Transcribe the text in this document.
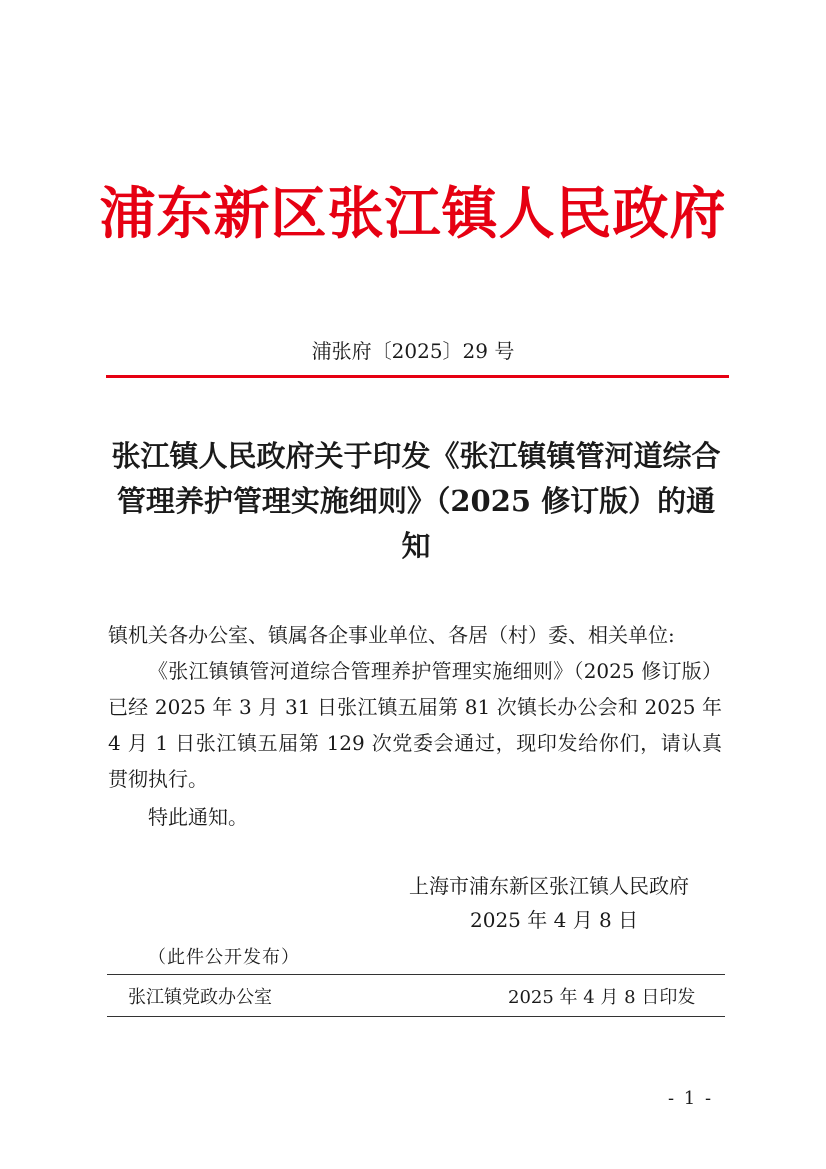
浦东新区张江镇人民政府
浦张府〔2025〕29 号
张江镇人民政府关于印发《张江镇镇管河道综合管理养护管理实施细则》（2025 修订版）的通知
镇机关各办公室、镇属各企事业单位、各居（村）委、相关单位:
《张江镇镇管河道综合管理养护管理实施细则》（2025 修订版）已经 2025 年 3 月 31 日张江镇五届第 81 次镇长办公会和 2025 年 4 月 1 日张江镇五届第 129 次党委会通过，现印发给你们，请认真贯彻执行。
特此通知。
上海市浦东新区张江镇人民政府
2025 年 4 月 8 日
（此件公开发布）
张江镇党政办公室	2025 年 4 月 8 日印发
- 1 -
